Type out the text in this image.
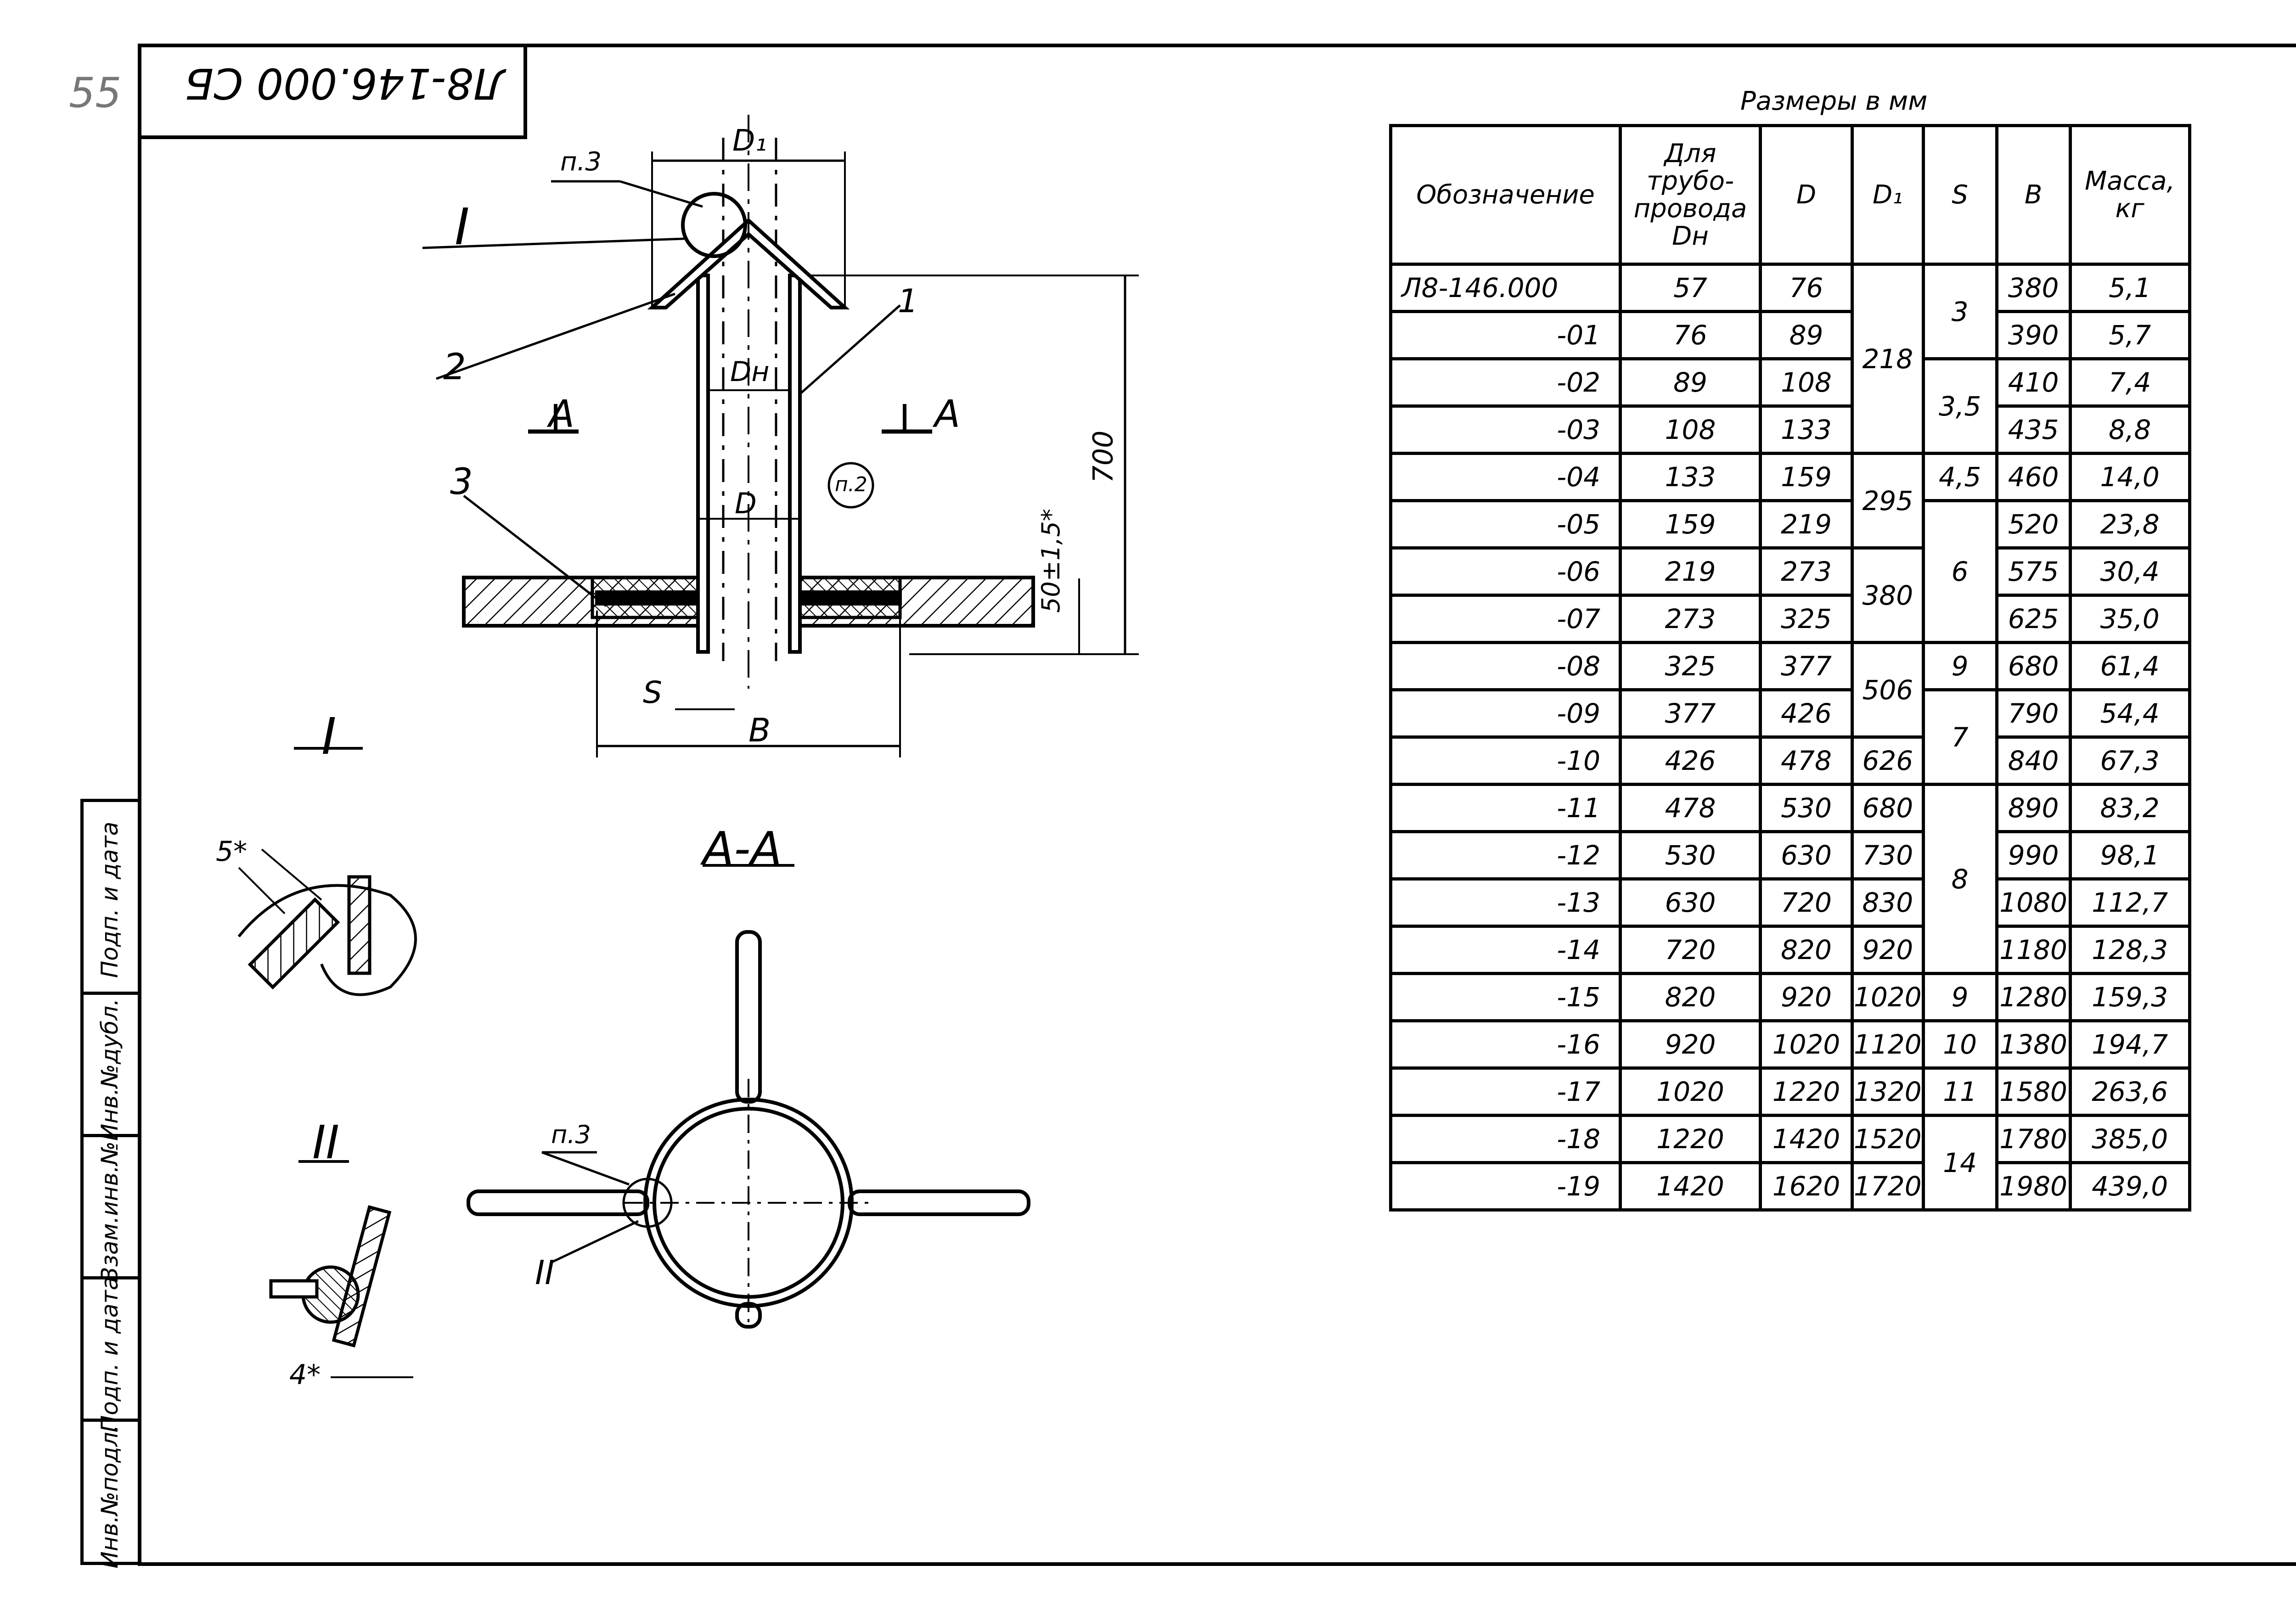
Л8-146.000 СБ
55
Инв.№подл.
Подп. и дата
Взам.инв.№
Инв.№дубл.
Подп. и дата
п.3
D₁
I
1
2	Dн
A	A
3	п.2
D
700
50±1,5*
S
B
I
5*	A-A
II	п.3
II
4*
Размеры в мм
Обозначение	Для трубо-провода Dн	D	D₁	S	B	Масса, кг
Л8-146.000	57	76	218	3	380	5,1
-01	76	89			390	5,7
-02	89	108		3,5	410	7,4
-03	108	133			435	8,8
-04	133	159	295	4,5	460	14,0
-05	159	219		6	520	23,8
-06	219	273	380		575	30,4
-07	273	325			625	35,0
-08	325	377	506	9	680	61,4
-09	377	426		7	790	54,4
-10	426	478	626		840	67,3
-11	478	530	680	8	890	83,2
-12	530	630	730		990	98,1
-13	630	720	830		1080	112,7
-14	720	820	920		1180	128,3
-15	820	920	1020	9	1280	159,3
-16	920	1020	1120	10	1380	194,7
-17	1020	1220	1320	11	1580	263,6
-18	1220	1420	1520	14	1780	385,0
-19	1420	1620	1720		1980	439,0
